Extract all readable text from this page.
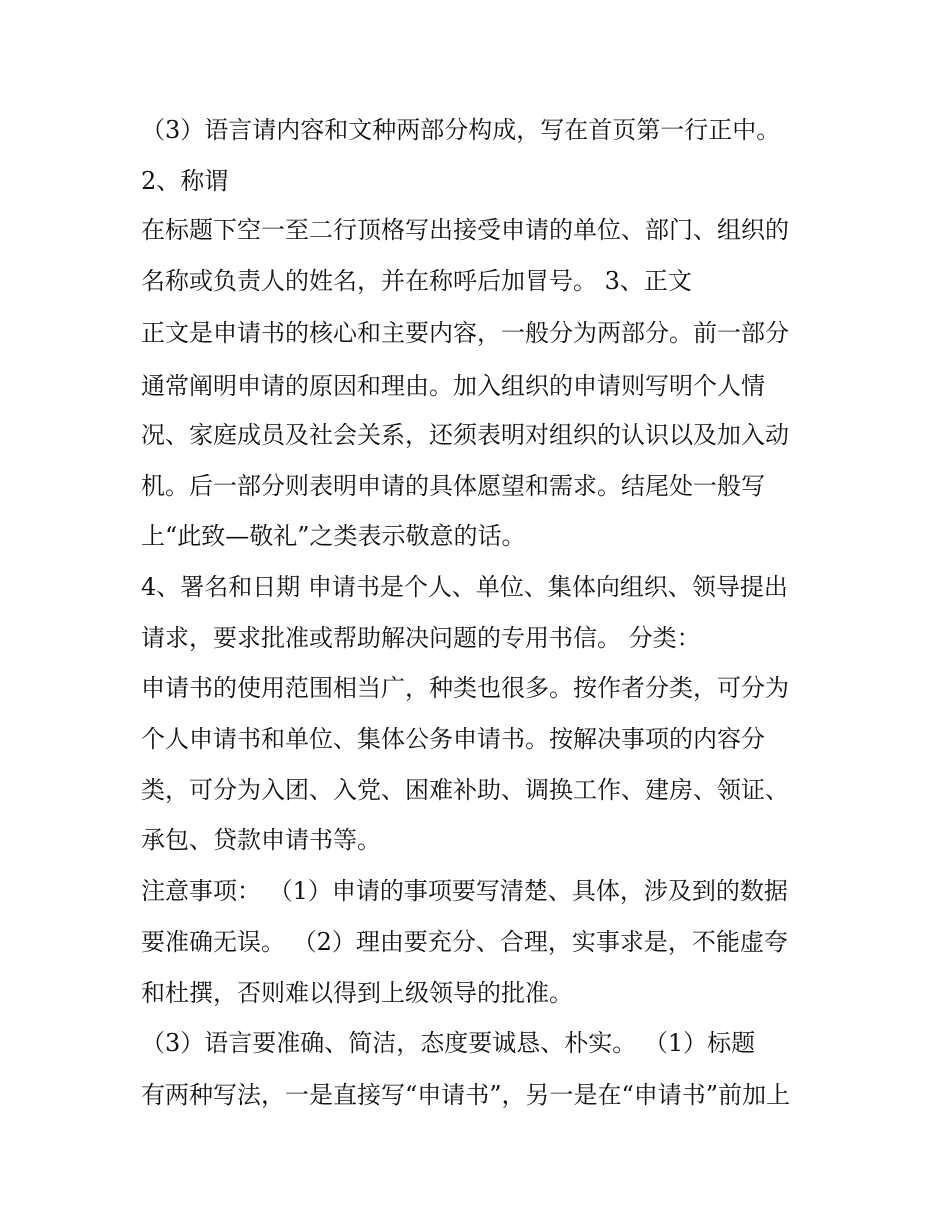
（3）语言请内容和文种两部分构成，写在首页第一行正中。
2、称谓
在标题下空一至二行顶格写出接受申请的单位、部门、组织的
名称或负责人的姓名，并在称呼后加冒号。 3、正文
正文是申请书的核心和主要内容，一般分为两部分。前一部分
通常阐明申请的原因和理由。加入组织的申请则写明个人情
况、家庭成员及社会关系，还须表明对组织的认识以及加入动
机。后一部分则表明申请的具体愿望和需求。结尾处一般写
上“此致—敬礼”之类表示敬意的话。
4、署名和日期 申请书是个人、单位、集体向组织、领导提出
请求，要求批准或帮助解决问题的专用书信。 分类：
申请书的使用范围相当广，种类也很多。按作者分类，可分为
个人申请书和单位、集体公务申请书。按解决事项的内容分
类，可分为入团、入党、困难补助、调换工作、建房、领证、
承包、贷款申请书等。
注意事项： （1）申请的事项要写清楚、具体，涉及到的数据
要准确无误。 （2）理由要充分、合理，实事求是，不能虚夸
和杜撰，否则难以得到上级领导的批准。
（3）语言要准确、简洁，态度要诚恳、朴实。 （1）标题
有两种写法，一是直接写“申请书”，另一是在“申请书”前加上
